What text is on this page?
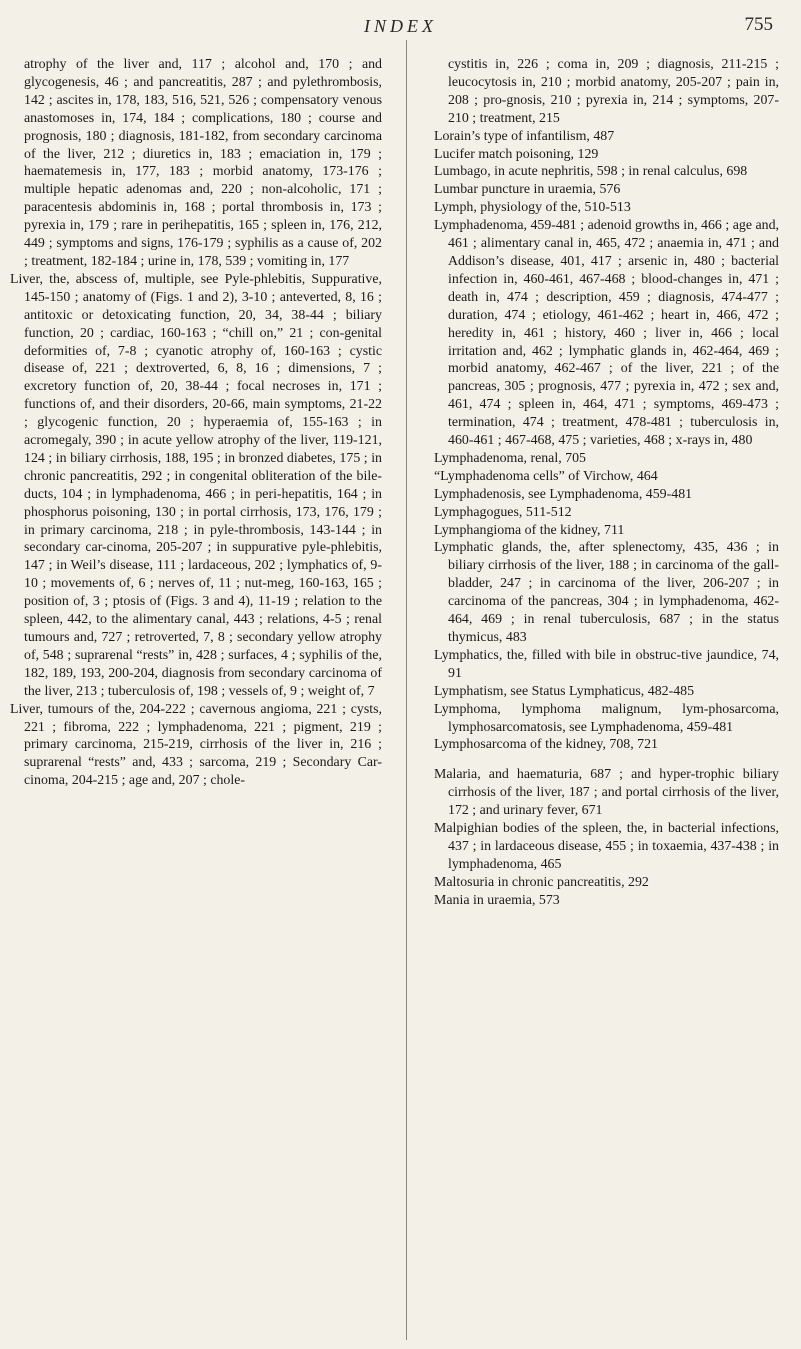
INDEX	755

atrophy of the liver and, 117 ; alcohol and, 170 ; and glycogenesis, 46 ; and pancreatitis, 287 ; and pylethrombosis, 142 ; ascites in, 178, 183, 516, 521, 526 ; compensatory venous anastomoses in, 174, 184 ; complications, 180 ; course and prognosis, 180 ; diagnosis, 181-182, from secondary carcinoma of the liver, 212 ; diuretics in, 183 ; emaciation in, 179 ; haematemesis in, 177, 183 ; morbid anatomy, 173-176 ; multiple hepatic adenomas and, 220 ; non-alcoholic, 171 ; paracentesis abdominis in, 168 ; portal thrombosis in, 173 ; pyrexia in, 179 ; rare in perihepatitis, 165 ; spleen in, 176, 212, 449 ; symptoms and signs, 176-179 ; syphilis as a cause of, 202 ; treatment, 182-184 ; urine in, 178, 539 ; vomiting in, 177

Liver, the, abscess of, multiple, see Pyle-phlebitis, Suppurative, 145-150 ; anatomy of (Figs. 1 and 2), 3-10 ; anteverted, 8, 16 ; antitoxic or detoxicating function, 20, 34, 38-44 ; biliary function, 20 ; cardiac, 160-163 ; “chill on,” 21 ; con-genital deformities of, 7-8 ; cyanotic atrophy of, 160-163 ; cystic disease of, 221 ; dextroverted, 6, 8, 16 ; dimensions, 7 ; excretory function of, 20, 38-44 ; focal necroses in, 171 ; functions of, and their disorders, 20-66, main symptoms, 21-22 ; glycogenic function, 20 ; hyperaemia of, 155-163 ; in acromegaly, 390 ; in acute yellow atrophy of the liver, 119-121, 124 ; in biliary cirrhosis, 188, 195 ; in bronzed diabetes, 175 ; in chronic pancreatitis, 292 ; in congenital obliteration of the bile-ducts, 104 ; in lymphadenoma, 466 ; in peri-hepatitis, 164 ; in phosphorus poisoning, 130 ; in portal cirrhosis, 173, 176, 179 ; in primary carcinoma, 218 ; in pyle-thrombosis, 143-144 ; in secondary car-cinoma, 205-207 ; in suppurative pyle-phlebitis, 147 ; in Weil’s disease, 111 ; lardaceous, 202 ; lymphatics of, 9-10 ; movements of, 6 ; nerves of, 11 ; nut-meg, 160-163, 165 ; position of, 3 ; ptosis of (Figs. 3 and 4), 11-19 ; relation to the spleen, 442, to the alimentary canal, 443 ; relations, 4-5 ; renal tumours and, 727 ; retroverted, 7, 8 ; secondary yellow atrophy of, 548 ; suprarenal “rests” in, 428 ; surfaces, 4 ; syphilis of the, 182, 189, 193, 200-204, diagnosis from secondary carcinoma of the liver, 213 ; tuberculosis of, 198 ; vessels of, 9 ; weight of, 7

Liver, tumours of the, 204-222 ; cavernous angioma, 221 ; cysts, 221 ; fibroma, 222 ; lymphadenoma, 221 ; pigment, 219 ; primary carcinoma, 215-219, cirrhosis of the liver in, 216 ; suprarenal “rests” and, 433 ; sarcoma, 219 ; Secondary Car-cinoma, 204-215 ; age and, 207 ; chole-

cystitis in, 226 ; coma in, 209 ; diagnosis, 211-215 ; leucocytosis in, 210 ; morbid anatomy, 205-207 ; pain in, 208 ; pro-gnosis, 210 ; pyrexia in, 214 ; symptoms, 207-210 ; treatment, 215

Lorain’s type of infantilism, 487

Lucifer match poisoning, 129

Lumbago, in acute nephritis, 598 ; in renal calculus, 698

Lumbar puncture in uraemia, 576

Lymph, physiology of the, 510-513

Lymphadenoma, 459-481 ; adenoid growths in, 466 ; age and, 461 ; alimentary canal in, 465, 472 ; anaemia in, 471 ; and Addison’s disease, 401, 417 ; arsenic in, 480 ; bacterial infection in, 460-461, 467-468 ; blood-changes in, 471 ; death in, 474 ; description, 459 ; diagnosis, 474-477 ; duration, 474 ; etiology, 461-462 ; heart in, 466, 472 ; heredity in, 461 ; history, 460 ; liver in, 466 ; local irritation and, 462 ; lymphatic glands in, 462-464, 469 ; morbid anatomy, 462-467 ; of the liver, 221 ; of the pancreas, 305 ; prognosis, 477 ; pyrexia in, 472 ; sex and, 461, 474 ; spleen in, 464, 471 ; symptoms, 469-473 ; termination, 474 ; treatment, 478-481 ; tuberculosis in, 460-461 ; 467-468, 475 ; varieties, 468 ; x-rays in, 480

Lymphadenoma, renal, 705

“Lymphadenoma cells” of Virchow, 464

Lymphadenosis, see Lymphadenoma, 459-481

Lymphagogues, 511-512

Lymphangioma of the kidney, 711

Lymphatic glands, the, after splenectomy, 435, 436 ; in biliary cirrhosis of the liver, 188 ; in carcinoma of the gall-bladder, 247 ; in carcinoma of the liver, 206-207 ; in carcinoma of the pancreas, 304 ; in lymphadenoma, 462-464, 469 ; in renal tuberculosis, 687 ; in the status thymicus, 483

Lymphatics, the, filled with bile in obstruc-tive jaundice, 74, 91

Lymphatism, see Status Lymphaticus, 482-485

Lymphoma, lymphoma malignum, lym-phosarcoma, lymphosarcomatosis, see Lymphadenoma, 459-481

Lymphosarcoma of the kidney, 708, 721

Malaria, and haematuria, 687 ; and hyper-trophic biliary cirrhosis of the liver, 187 ; and portal cirrhosis of the liver, 172 ; and urinary fever, 671

Malpighian bodies of the spleen, the, in bacterial infections, 437 ; in lardaceous disease, 455 ; in toxaemia, 437-438 ; in lymphadenoma, 465

Maltosuria in chronic pancreatitis, 292

Mania in uraemia, 573
